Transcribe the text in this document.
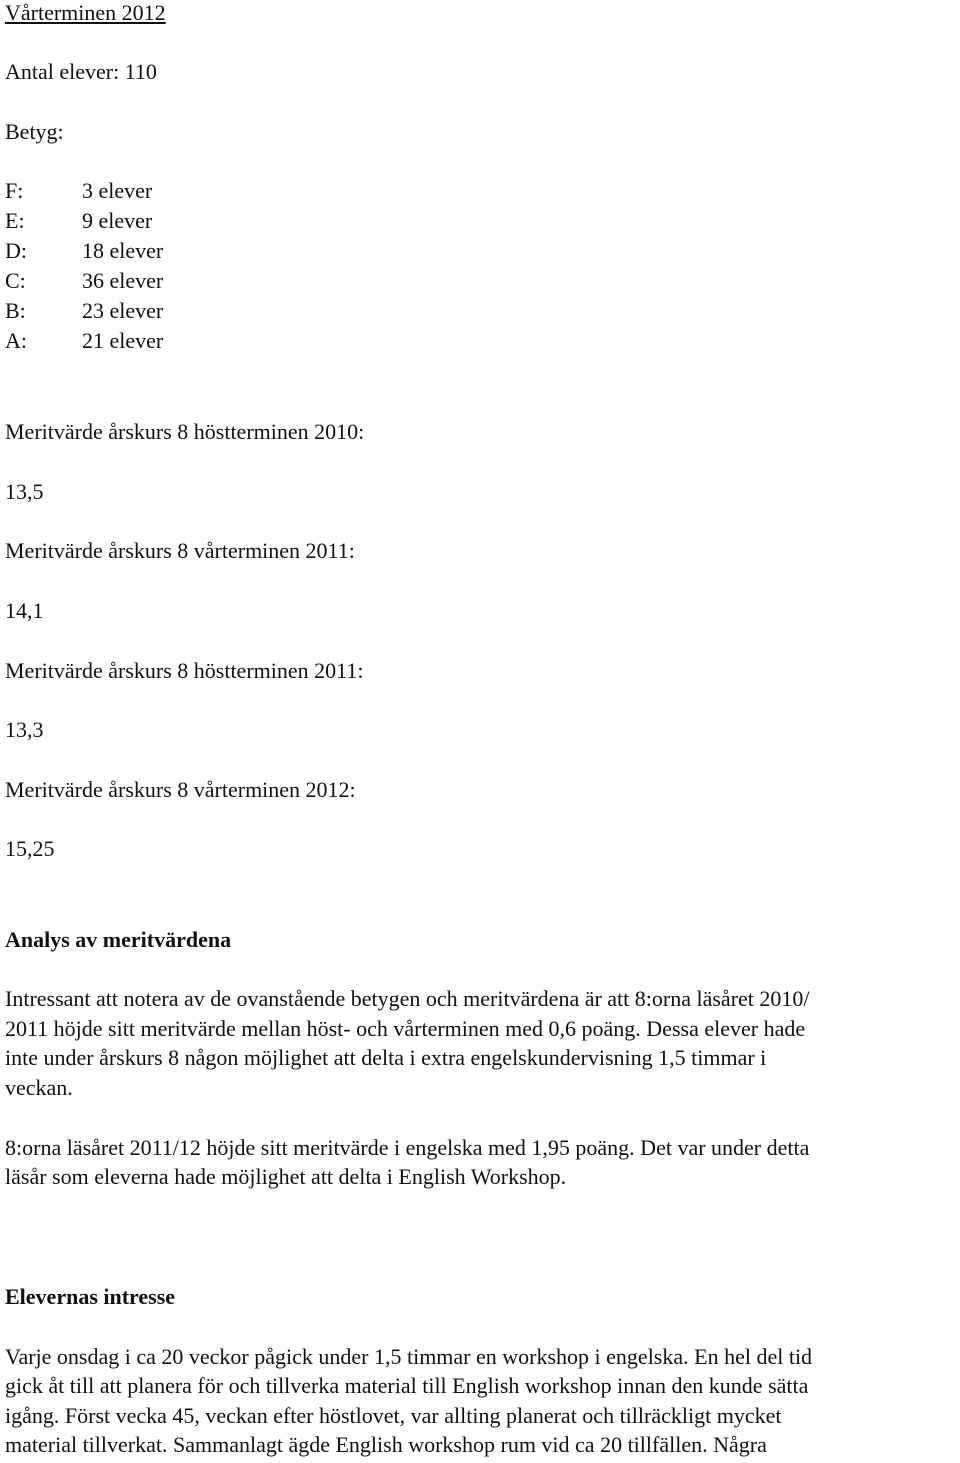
Vårterminen 2012
Antal elever: 110
Betyg:
F:	3 elever
E:	9 elever
D:	18 elever
C:	36 elever
B:	23 elever
A:	21 elever
Meritvärde årskurs 8 höstterminen 2010:
13,5
Meritvärde årskurs 8 vårterminen 2011:
14,1
Meritvärde årskurs 8 höstterminen 2011:
13,3
Meritvärde årskurs 8 vårterminen 2012:
15,25
Analys av meritvärdena
Intressant att notera av de ovanstående betygen och meritvärdena är att 8:orna läsåret 2010/
2011 höjde sitt meritvärde mellan höst- och vårterminen med 0,6 poäng. Dessa elever hade
inte under årskurs 8 någon möjlighet att delta i extra engelskundervisning 1,5 timmar i
veckan.
8:orna läsåret 2011/12 höjde sitt meritvärde i engelska med 1,95 poäng. Det var under detta
läsår som eleverna hade möjlighet att delta i English Workshop.
Elevernas intresse
Varje onsdag i ca 20 veckor pågick under 1,5 timmar en workshop i engelska. En hel del tid
gick åt till att planera för och tillverka material till English workshop innan den kunde sätta
igång. Först vecka 45, veckan efter höstlovet, var allting planerat och tillräckligt mycket
material tillverkat. Sammanlagt ägde English workshop rum vid ca 20 tillfällen. Några
